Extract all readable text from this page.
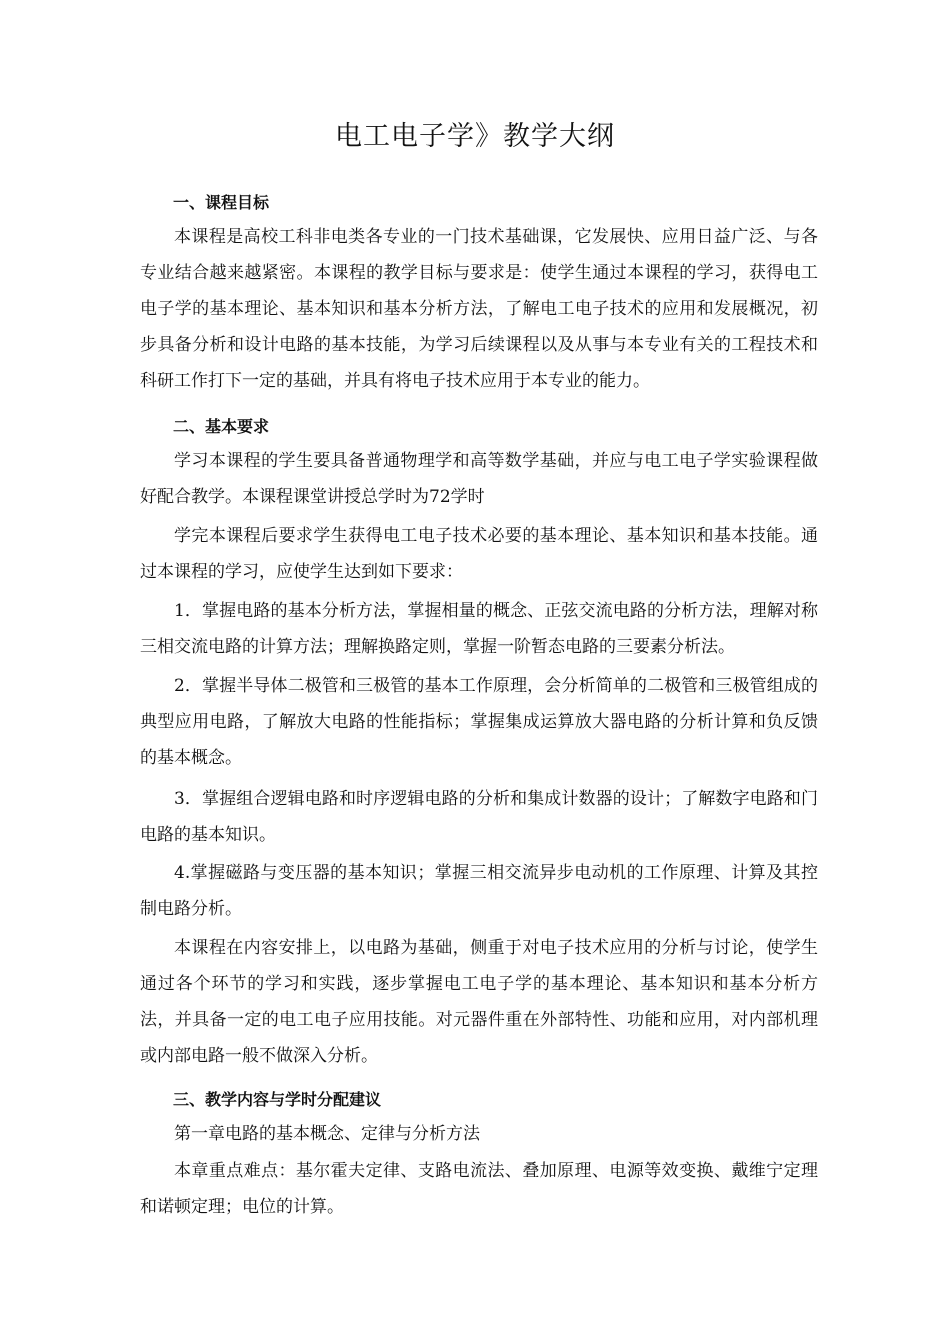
电工电子学》教学大纲
一、课程目标
本课程是高校工科非电类各专业的一门技术基础课，它发展快、应用日益广泛、与各专业结合越来越紧密。本课程的教学目标与要求是：使学生通过本课程的学习，获得电工电子学的基本理论、基本知识和基本分析方法，了解电工电子技术的应用和发展概况，初步具备分析和设计电路的基本技能，为学习后续课程以及从事与本专业有关的工程技术和科研工作打下一定的基础，并具有将电子技术应用于本专业的能力。
二、基本要求
学习本课程的学生要具备普通物理学和高等数学基础，并应与电工电子学实验课程做好配合教学。本课程课堂讲授总学时为72学时
学完本课程后要求学生获得电工电子技术必要的基本理论、基本知识和基本技能。通过本课程的学习，应使学生达到如下要求：
1．掌握电路的基本分析方法，掌握相量的概念、正弦交流电路的分析方法，理解对称三相交流电路的计算方法；理解换路定则，掌握一阶暂态电路的三要素分析法。
2．掌握半导体二极管和三极管的基本工作原理，会分析简单的二极管和三极管组成的典型应用电路，了解放大电路的性能指标；掌握集成运算放大器电路的分析计算和负反馈的基本概念。
3．掌握组合逻辑电路和时序逻辑电路的分析和集成计数器的设计；了解数字电路和门电路的基本知识。
4.掌握磁路与变压器的基本知识；掌握三相交流异步电动机的工作原理、计算及其控制电路分析。
本课程在内容安排上，以电路为基础，侧重于对电子技术应用的分析与讨论，使学生通过各个环节的学习和实践，逐步掌握电工电子学的基本理论、基本知识和基本分析方法，并具备一定的电工电子应用技能。对元器件重在外部特性、功能和应用，对内部机理或内部电路一般不做深入分析。
三、教学内容与学时分配建议
第一章电路的基本概念、定律与分析方法
本章重点难点：基尔霍夫定律、支路电流法、叠加原理、电源等效变换、戴维宁定理和诺顿定理；电位的计算。
